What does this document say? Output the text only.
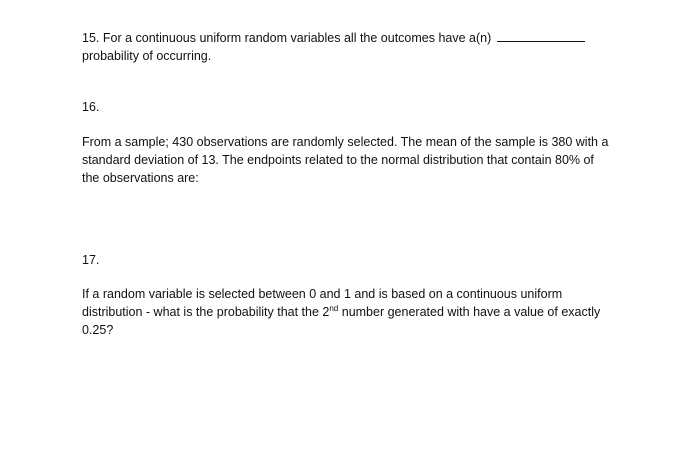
15. For a continuous uniform random variables all the outcomes have a(n)
probability of occurring.
16.
From a sample; 430 observations are randomly selected. The mean of the sample is 380 with a
standard deviation of 13. The endpoints related to the normal distribution that contain 80% of
the observations are:
17.
If a random variable is selected between 0 and 1 and is based on a continuous uniform
distribution - what is the probability that the 2nd number generated with have a value of exactly
0.25?
